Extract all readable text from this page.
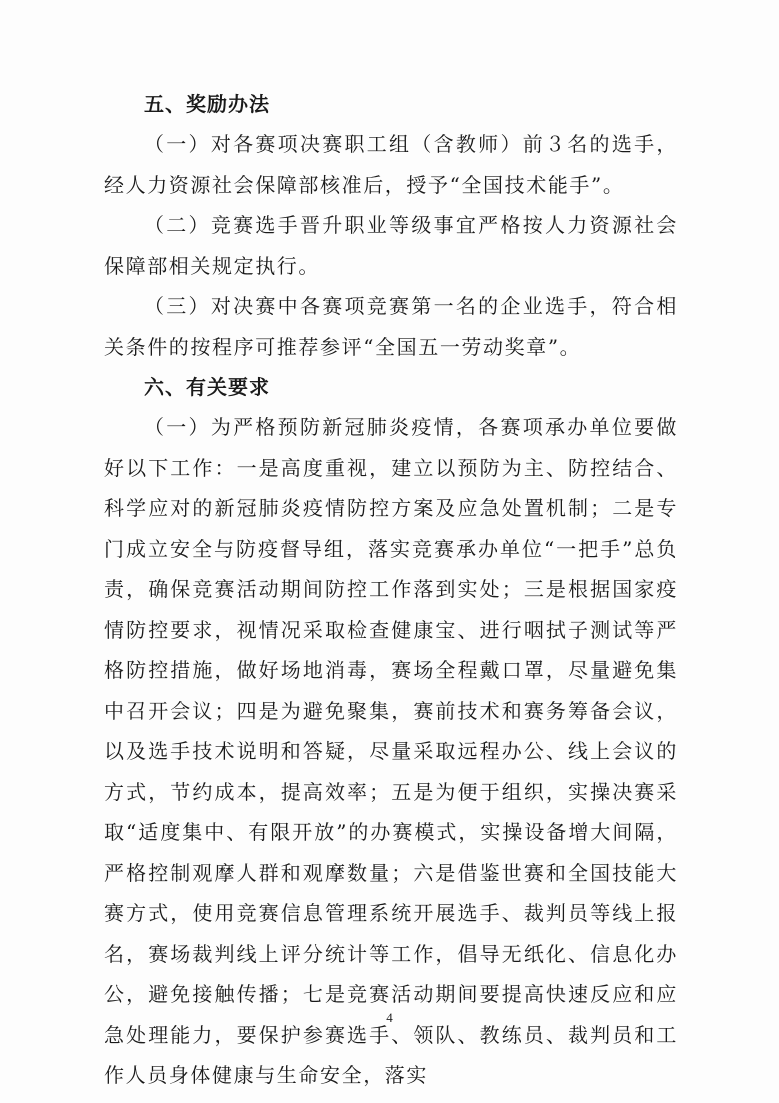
五、奖励办法

（一）对各赛项决赛职工组（含教师）前３名的选手，经人力资源社会保障部核准后，授予“全国技术能手”。

（二）竞赛选手晋升职业等级事宜严格按人力资源社会保障部相关规定执行。

（三）对决赛中各赛项竞赛第一名的企业选手，符合相关条件的按程序可推荐参评“全国五一劳动奖章”。

六、有关要求

（一）为严格预防新冠肺炎疫情，各赛项承办单位要做好以下工作：一是高度重视，建立以预防为主、防控结合、科学应对的新冠肺炎疫情防控方案及应急处置机制；二是专门成立安全与防疫督导组，落实竞赛承办单位“一把手”总负责，确保竞赛活动期间防控工作落到实处；三是根据国家疫情防控要求，视情况采取检查健康宝、进行咽拭子测试等严格防控措施，做好场地消毒，赛场全程戴口罩，尽量避免集中召开会议；四是为避免聚集，赛前技术和赛务筹备会议，以及选手技术说明和答疑，尽量采取远程办公、线上会议的方式，节约成本，提高效率；五是为便于组织，实操决赛采取“适度集中、有限开放”的办赛模式，实操设备增大间隔，严格控制观摩人群和观摩数量；六是借鉴世赛和全国技能大赛方式，使用竞赛信息管理系统开展选手、裁判员等线上报名，赛场裁判线上评分统计等工作，倡导无纸化、信息化办公，避免接触传播；七是竞赛活动期间要提高快速反应和应急处理能力，要保护参赛选手、领队、教练员、裁判员和工作人员身体健康与生命安全，落实

4
